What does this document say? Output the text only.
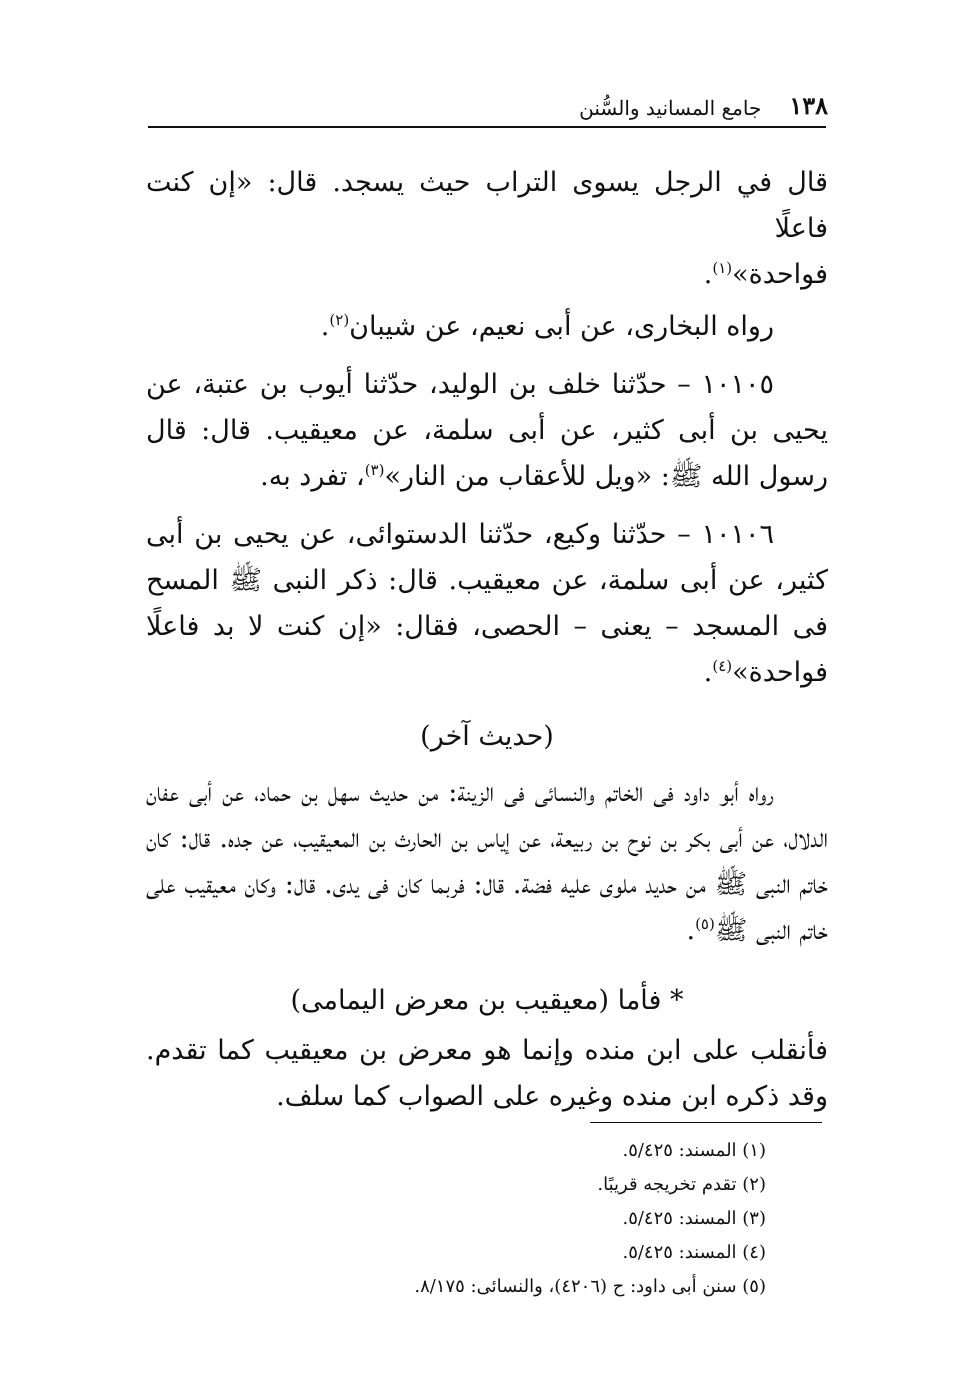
١٣٨
جامع المسانيد والسُّنن

قال في الرجل يسوى التراب حيث يسجد. قال: «إن كنت فاعلًا
فواحدة»$^{(١)}$.

رواه البخارى، عن أبى نعيم، عن شيبان$^{(٢)}$.

١٠١٠٥ – حدّثنا خلف بن الوليد، حدّثنا أيوب بن عتبة، عن يحيى بن أبى كثير، عن أبى سلمة، عن معيقيب. قال: قال رسول الله ﷺ: «ويل للأعقاب من النار»$^{(٣)}$، تفرد به.

١٠١٠٦ – حدّثنا وكيع، حدّثنا الدستوائى، عن يحيى بن أبى كثير، عن أبى سلمة، عن معيقيب. قال: ذكر النبى ﷺ المسح فى المسجد – يعنى – الحصى، فقال: «إن كنت لا بد فاعلًا فواحدة»$^{(٤)}$.

(حديث آخر)

رواه أبو داود فى الخاتم والنسائى فى الزينة: من حديث سهل بن حماد، عن أبى عفان الدلال، عن أبى بكر بن نوح بن ربيعة، عن إياس بن الحارث بن المعيقيب، عن جده. قال: كان خاتم النبى ﷺ من حديد ملوى عليه فضة. قال: فربما كان فى يدى. قال: وكان معيقيب على خاتم النبى ﷺ$^{(٥)}$.

* فأما (معيقيب بن معرض اليمامى)

فأنقلب على ابن منده وإنما هو معرض بن معيقيب كما تقدم. وقد ذكره ابن منده وغيره على الصواب كما سلف.

(١) المسند: ٥/٤٢٥.

(٢) تقدم تخريجه قريبًا.

(٣) المسند: ٥/٤٢٥.

(٤) المسند: ٥/٤٢٥.

(٥) سنن أبى داود: ح (٤٢٠٦)، والنسائى: ٨/١٧٥.
